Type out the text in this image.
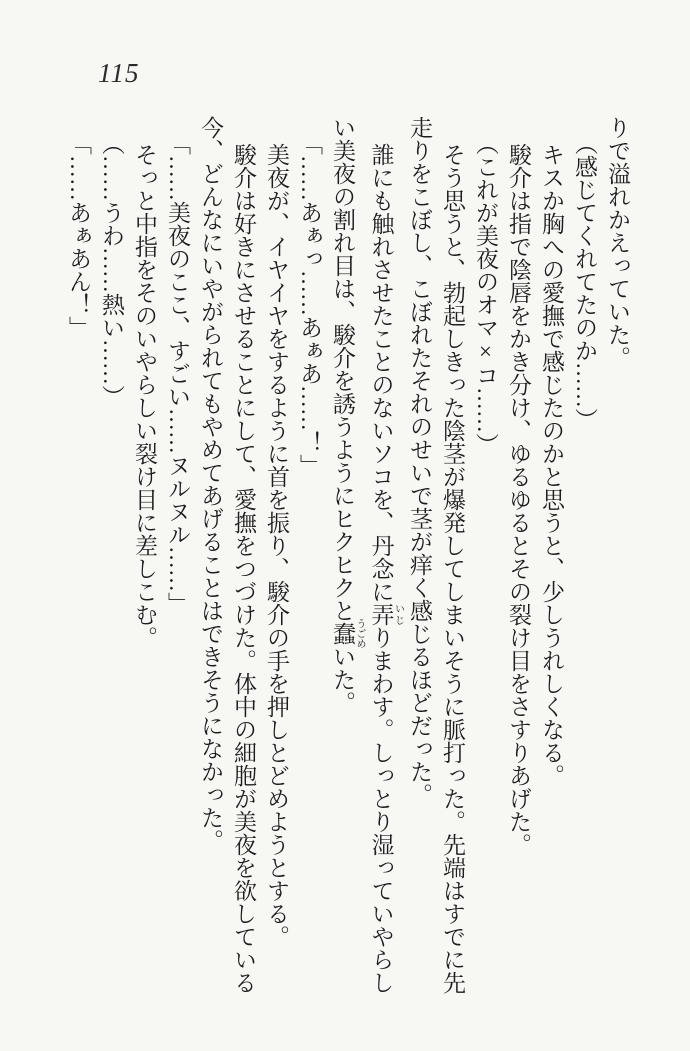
115
りで溢れかえっていた。
（感じてくれてたのか……）
キスか胸への愛撫で感じたのかと思うと、少しうれしくなる。
駿介は指で陰唇をかき分け、ゆるゆるとその裂け目をさすりあげた。
（これが美夜のオマ×コ……）
そう思うと、勃起しきった陰茎が爆発してしまいそうに脈打った。先端はすでに先
走りをこぼし、こぼれたそれのせいで茎が痒く感じるほどだった。
誰にも触れさせたことのないソコを、丹念に弄 いじりまわす。しっとり湿っていやらし
い美夜の割れ目は、駿介を誘うようにヒクヒクと蠢 うごめいた。
「……あぁっ……あぁあ……！」
美夜が、イヤイヤをするように首を振り、駿介の手を押しとどめようとする。
駿介は好きにさせることにして、愛撫をつづけた。体中の細胞が美夜を欲している
今、どんなにいやがられてもやめてあげることはできそうになかった。
「……美夜のここ、すごい……ヌルヌル……」
そっと中指をそのいやらしい裂け目に差しこむ。
（……うわ……熱い……）
「……あぁあん！」
